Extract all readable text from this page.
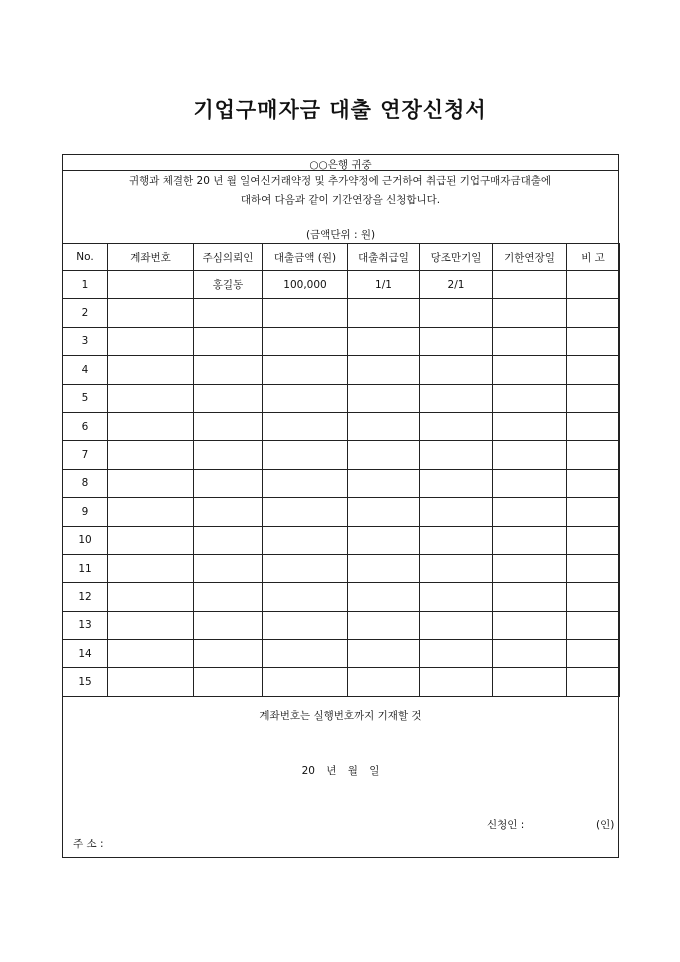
기업구매자금 대출 연장신청서
○○은행 귀중
귀행과 체결한 20 년 월 일여신거래약정 및 추가약정에 근거하여 취급된 기업구매자금대출에
대하여 다음과 같이 기간연장을 신청합니다.
(금액단위 : 원)
No.	계좌번호	주심의뢰인	대출금액 (원)	대출취급일	당조만기일	기한연장일	비 고
1		홍길동	100,000	1/1	2/1		
2							
3							
4							
5							
6							
7							
8							
9							
10							
11							
12							
13							
14							
15							
계좌번호는 실행번호까지 기재할 것
20 년 월 일
신청인 :	(인)
주 소 :
